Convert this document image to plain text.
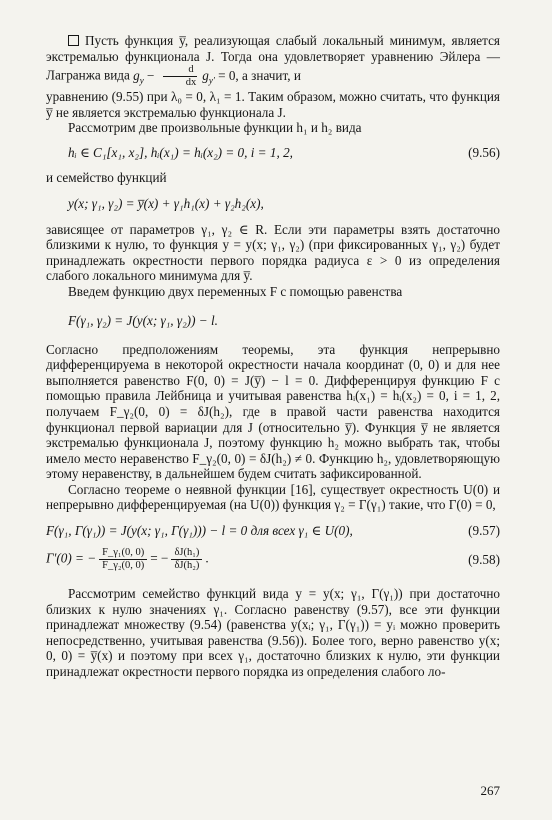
Пусть функция y̅, реализующая слабый локальный минимум, является экстремалью функционала J. Тогда она удовлетворяет уравнению Эйлера — Лагранжа вида $g_y - \frac{d}{dx} g_{y'} = 0$, а значит, и

уравнению (9.55) при λ₀ = 0, λ₁ = 1. Таким образом, можно считать, что функция y̅ не является экстремалью функционала J.

Рассмотрим две произвольные функции h₁ и h₂ вида

hᵢ ∈ C₁[x₁, x₂], hᵢ(x₁) = hᵢ(x₂) = 0, i = 1, 2,	(9.56)

и семейство функций

y(x; γ₁, γ₂) = y̅(x) + γ₁h₁(x) + γ₂h₂(x),

зависящее от параметров γ₁, γ₂ ∈ R. Если эти параметры взять достаточно близкими к нулю, то функция y = y(x; γ₁, γ₂) (при фиксированных γ₁, γ₂) будет принадлежать окрестности первого порядка радиуса ε > 0 из определения слабого локального минимума для y̅.

Введем функцию двух переменных F с помощью равенства

F(γ₁, γ₂) = J(y(x; γ₁, γ₂)) − l.

Согласно предположениям теоремы, эта функция непрерывно дифференцируема в некоторой окрестности начала координат (0, 0) и для нее выполняется равенство F(0, 0) = J(y̅) − l = 0. Дифференцируя функцию F с помощью правила Лейбница и учитывая равенства hᵢ(x₁) = hᵢ(x₂) = 0, i = 1, 2, получаем F_γ₂(0, 0) = δJ(h₂), где в правой части равенства находится функционал первой вариации для J (относительно y̅). Функция y̅ не является экстремалью функционала J, поэтому функцию h₂ можно выбрать так, чтобы имело место неравенство F_γ₂(0, 0) = δJ(h₂) ≠ 0. Функцию h₂, удовлетворяющую этому неравенству, в дальнейшем будем считать зафиксированной.

Согласно теореме о неявной функции [16], существует окрестность U(0) и непрерывно дифференцируемая (на U(0)) функция γ₂ = Γ(γ₁) такие, что Γ(0) = 0,

F(γ₁, Γ(γ₁)) = J(y(x; γ₁, Γ(γ₁))) − l = 0 для всех γ₁ ∈ U(0),	(9.57)
Γ′(0) = − $\frac{\text{F\_γ₁(0, 0)}}{\text{F\_γ₂(0, 0)}}$ = − $\frac{\text{δJ(h₁)}}{\text{δJ(h₂)}}$ .	(9.58)

Рассмотрим семейство функций вида y = y(x; γ₁, Γ(γ₁)) при достаточно близких к нулю значениях γ₁. Согласно равенству (9.57), все эти функции принадлежат множеству (9.54) (равенства y(xᵢ; γ₁, Γ(γ₁)) = yᵢ можно проверить непосредственно, учитывая равенства (9.56)). Более того, верно равенство y(x; 0, 0) = y̅(x) и поэтому при всех γ₁, достаточно близких к нулю, эти функции принадлежат окрестности первого порядка из определения слабого ло-

267
